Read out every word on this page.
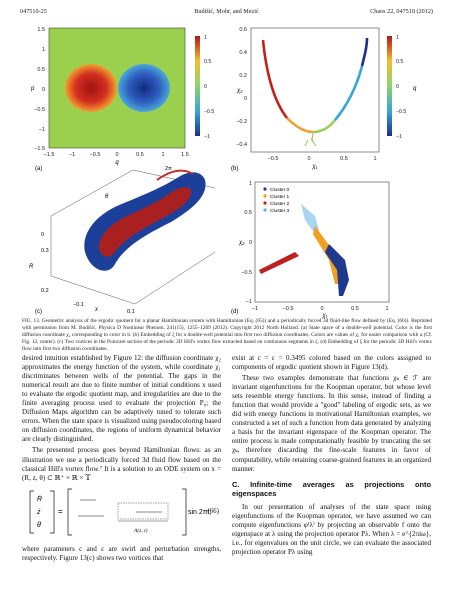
047510-25	Budišić, Mohr, and Mezić	Chaos 22, 047510 (2012)
1.5
1
0.5
0
−0.5
−1
−1.5
−1.5	−1	−0.5	0	0.5	1	1.5
q
p
1
0.5
0
−0.5
−1
(a)
0.6
0.4
0.2
0
−0.2
−0.4
−0.5	0	0.5	1
χ₁
χ₂
1
0.5
0
−0.5
−1
q
(b)
2π
θ
0
0.3
R
0.2
−0.1
x	0.1
(c)
Cluster 0
Cluster 1
Cluster 2
Cluster 3
1
0.5
0
−0.5
−1
−1	−0.5	0	0.5	1
χ₁
χ₂
(d)
FIG. 13. Geometric analysis of the ergodic quotient for a planar Hamiltonian system with Hamiltonian (Eq. (65)) and a periodically forced 3d fluid-like flow defined by (Eq. (66)). Reprinted with permission from M. Budišić, Physica D Nonlinear Phenom. 241(15), 1255–1269 (2012). Copyright 2012 North Holland. (a) State space of a double-well potential. Color is the first diffusion coordinate χ₁ corresponding to color in b. (b) Embedding of ξ for a double-well potential into first two diffusion coordinates. Colors are values of χ₁ for easier comparison with a (Cf. Fig. 12, center). (c) Two vortices in the Poincaré section of the periodic 3D Hill's vortex flow extracted based on continuous segments in ξ. (d) Embedding of ξ for the periodic 3D Hill's vortex flow into first two diffusion coordinates.

desired intuition established by Figure 12: the diffusion coordinate χ₂ approximates the energy function of the system, while coordinate χ₁ discriminates between wells of the potential. The gaps in the numerical result are due to finite number of initial conditions x used to evaluate the ergodic quotient map, and irregularities are due to the finite averaging process used to evaluate the projection P₀; the Diffusion Maps algorithm can be adaptively tuned to tolerate such errors. When the state space is visualized using pseudocoloring based on diffusion coordinates, the regions of uniform dynamical behavior are clearly distinguished.

The presented process goes beyond Hamiltonian flows: as an illustration we use a periodically forced 3d fluid flow based on the classical Hill's vortex flow.⁷ It is a solution to an ODE system on x = (R, z, θ) ⊂ ℝ⁺ × ℝ × 𝕋

Ṙ
ż
θ̇
=	sin 2πt,
(66)
A(z, t)

where parameters c and ε are swirl and perturbation strengths, respectively. Figure 13(c) shows two vortices that

exist at c = ε = 0.3495 colored based on the colors assigned to components of ergodic quotient shown in Figure 13(d).

These two examples demonstrate that functions χₖ ∈ ℱ are invariant eigenfunctions for the Koopman operator, but whose level sets resemble energy functions. In this sense, instead of finding a function that would provide a "good" labeling of ergodic sets, as we did with energy functions in motivational Hamiltonian examples, we constructed a set of such a function from data generated by analyzing a basis for the invariant eigenspace of the Koopman operator. The entire process is made computationally feasible by truncating the set χₖ, therefore discarding the fine-scale features in favor of computability, while retaining coarse-grained features in an organized manner.

C. Infinite-time averages as projections onto eigenspaces

In our presentation of analyses of the state space using eigenfunctions of the Koopman operator, we have assumed we can compute eigenfunctions φ⁽λ⁾ by projecting an observable f onto the eigenspace at λ using the projection operator Pλ. When λ = e^{2πiω}, i.e., for eigenvalues on the unit circle, we can evaluate the associated projection operator Pλ using
